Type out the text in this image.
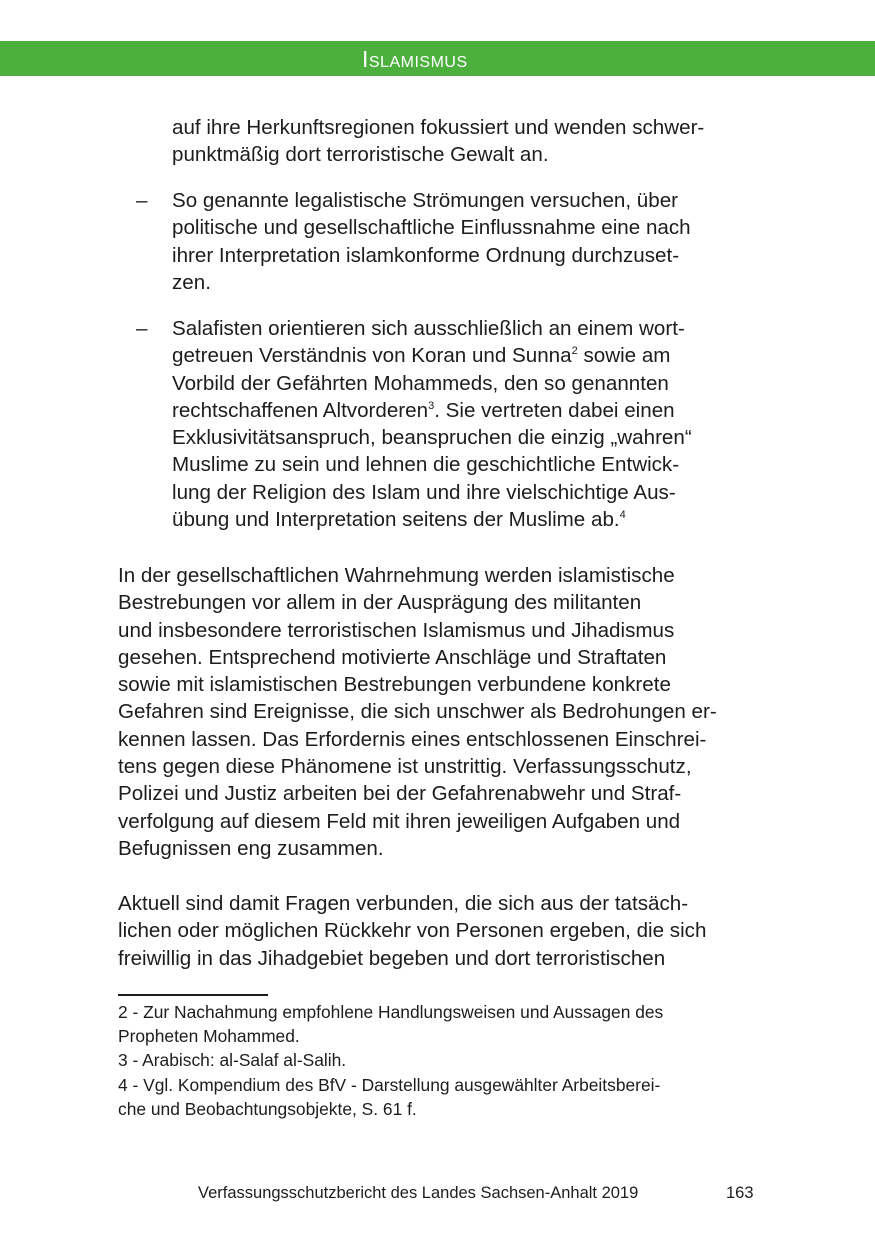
Islamismus

auf ihre Herkunftsregionen fokussiert und wenden schwer-
punktmäßig dort terroristische Gewalt an.

– So genannte legalistische Strömungen versuchen, über
politische und gesellschaftliche Einflussnahme eine nach
ihrer Interpretation islamkonforme Ordnung durchzuset-
zen.

– Salafisten orientieren sich ausschließlich an einem wort-
getreuen Verständnis von Koran und Sunna$^2$ sowie am
Vorbild der Gefährten Mohammeds, den so genannten
rechtschaffenen Altvorderen$^3$. Sie vertreten dabei einen
Exklusivitätsanspruch, beanspruchen die einzig „wahren“
Muslime zu sein und lehnen die geschichtliche Entwick-
lung der Religion des Islam und ihre vielschichtige Aus-
übung und Interpretation seitens der Muslime ab.$^4$

In der gesellschaftlichen Wahrnehmung werden islamistische
Bestrebungen vor allem in der Ausprägung des militanten
und insbesondere terroristischen Islamismus und Jihadismus
gesehen. Entsprechend motivierte Anschläge und Straftaten
sowie mit islamistischen Bestrebungen verbundene konkrete
Gefahren sind Ereignisse, die sich unschwer als Bedrohungen er-
kennen lassen. Das Erfordernis eines entschlossenen Einschrei-
tens gegen diese Phänomene ist unstrittig. Verfassungsschutz,
Polizei und Justiz arbeiten bei der Gefahrenabwehr und Straf-
verfolgung auf diesem Feld mit ihren jeweiligen Aufgaben und
Befugnissen eng zusammen.

Aktuell sind damit Fragen verbunden, die sich aus der tatsäch-
lichen oder möglichen Rückkehr von Personen ergeben, die sich
freiwillig in das Jihadgebiet begeben und dort terroristischen

2 - Zur Nachahmung empfohlene Handlungsweisen und Aussagen des
Propheten Mohammed.

3 - Arabisch: al-Salaf al-Salih.

4 - Vgl. Kompendium des BfV - Darstellung ausgewählter Arbeitsberei-
che und Beobachtungsobjekte, S. 61 f.

Verfassungsschutzbericht des Landes Sachsen-Anhalt 2019	163
